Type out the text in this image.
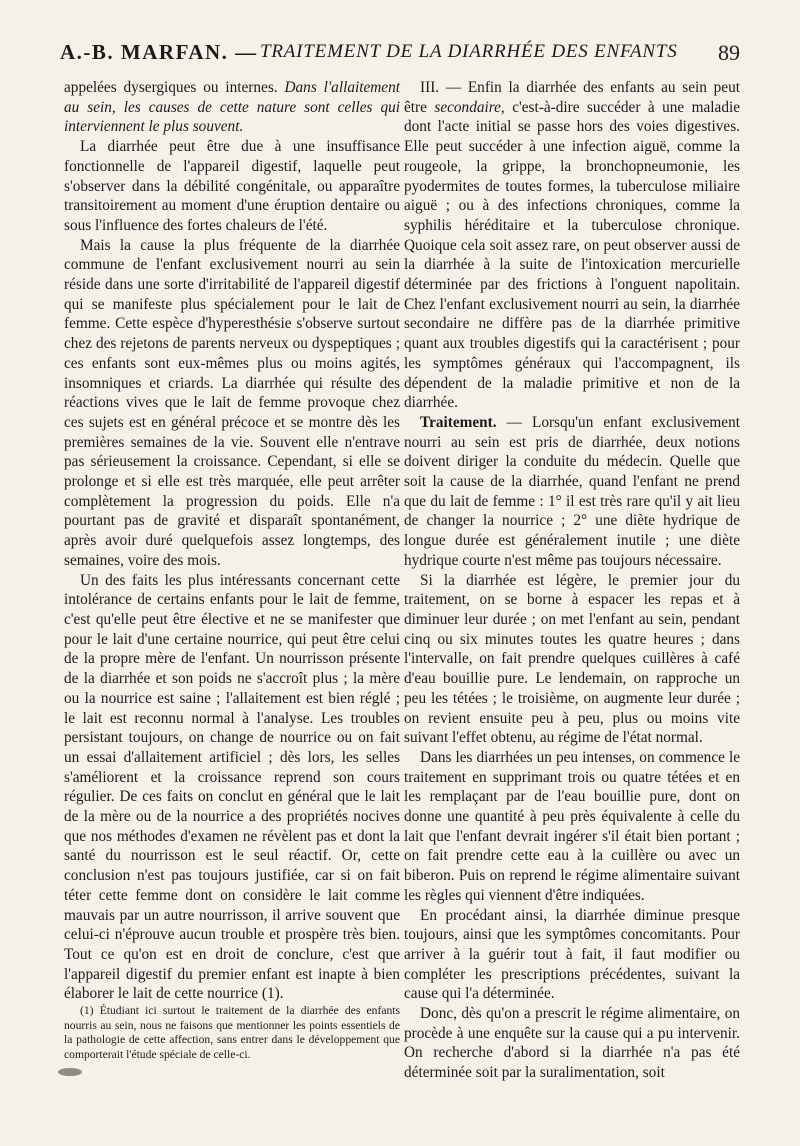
A.-B. MARFAN. — TRAITEMENT DE LA DIARRHÉE DES ENFANTS 89

appelées dysergiques ou internes. Dans l'allaitement au sein, les causes de cette nature sont celles qui interviennent le plus souvent.

La diarrhée peut être due à une insuffisance fonctionnelle de l'appareil digestif, laquelle peut s'observer dans la débilité congénitale, ou apparaître transitoirement au moment d'une éruption dentaire ou sous l'influence des fortes chaleurs de l'été.

Mais la cause la plus fréquente de la diarrhée commune de l'enfant exclusivement nourri au sein réside dans une sorte d'irritabilité de l'appareil digestif qui se manifeste plus spécialement pour le lait de femme. Cette espèce d'hyperesthésie s'observe surtout chez des rejetons de parents nerveux ou dyspeptiques ; ces enfants sont eux-mêmes plus ou moins agités, insomniques et criards. La diarrhée qui résulte des réactions vives que le lait de femme provoque chez ces sujets est en général précoce et se montre dès les premières semaines de la vie. Souvent elle n'entrave pas sérieusement la croissance. Cependant, si elle se prolonge et si elle est très marquée, elle peut arrêter complètement la progression du poids. Elle n'a pourtant pas de gravité et disparaît spontanément, après avoir duré quelquefois assez longtemps, des semaines, voire des mois.

Un des faits les plus intéressants concernant cette intolérance de certains enfants pour le lait de femme, c'est qu'elle peut être élective et ne se manifester que pour le lait d'une certaine nourrice, qui peut être celui de la propre mère de l'enfant. Un nourrisson présente de la diarrhée et son poids ne s'accroît plus ; la mère ou la nourrice est saine ; l'allaitement est bien réglé ; le lait est reconnu normal à l'analyse. Les troubles persistant toujours, on change de nourrice ou on fait un essai d'allaitement artificiel ; dès lors, les selles s'améliorent et la croissance reprend son cours régulier. De ces faits on conclut en général que le lait de la mère ou de la nourrice a des propriétés nocives que nos méthodes d'examen ne révèlent pas et dont la santé du nourrisson est le seul réactif. Or, cette conclusion n'est pas toujours justifiée, car si on fait téter cette femme dont on considère le lait comme mauvais par un autre nourrisson, il arrive souvent que celui-ci n'éprouve aucun trouble et prospère très bien. Tout ce qu'on est en droit de conclure, c'est que l'appareil digestif du premier enfant est inapte à bien élaborer le lait de cette nourrice (1).

(1) Étudiant ici surtout le traitement de la diarrhée des enfants nourris au sein, nous ne faisons que mentionner les points essentiels de la pathologie de cette affection, sans entrer dans le développement que comporterait l'étude spéciale de celle-ci.

III. — Enfin la diarrhée des enfants au sein peut être secondaire, c'est-à-dire succéder à une maladie dont l'acte initial se passe hors des voies digestives. Elle peut succéder à une infection aiguë, comme la rougeole, la grippe, la bronchopneumonie, les pyodermites de toutes formes, la tuberculose miliaire aiguë ; ou à des infections chroniques, comme la syphilis héréditaire et la tuberculose chronique. Quoique cela soit assez rare, on peut observer aussi de la diarrhée à la suite de l'intoxication mercurielle déterminée par des frictions à l'onguent napolitain. Chez l'enfant exclusivement nourri au sein, la diarrhée secondaire ne diffère pas de la diarrhée primitive quant aux troubles digestifs qui la caractérisent ; pour les symptômes généraux qui l'accompagnent, ils dépendent de la maladie primitive et non de la diarrhée.

Traitement. — Lorsqu'un enfant exclusivement nourri au sein est pris de diarrhée, deux notions doivent diriger la conduite du médecin. Quelle que soit la cause de la diarrhée, quand l'enfant ne prend que du lait de femme : 1° il est très rare qu'il y ait lieu de changer la nourrice ; 2° une diète hydrique de longue durée est généralement inutile ; une diète hydrique courte n'est même pas toujours nécessaire.

Si la diarrhée est légère, le premier jour du traitement, on se borne à espacer les repas et à diminuer leur durée ; on met l'enfant au sein, pendant cinq ou six minutes toutes les quatre heures ; dans l'intervalle, on fait prendre quelques cuillères à café d'eau bouillie pure. Le lendemain, on rapproche un peu les tétées ; le troisième, on augmente leur durée ; on revient ensuite peu à peu, plus ou moins vite suivant l'effet obtenu, au régime de l'état normal.

Dans les diarrhées un peu intenses, on commence le traitement en supprimant trois ou quatre tétées et en les remplaçant par de l'eau bouillie pure, dont on donne une quantité à peu près équivalente à celle du lait que l'enfant devrait ingérer s'il était bien portant ; on fait prendre cette eau à la cuillère ou avec un biberon. Puis on reprend le régime alimentaire suivant les règles qui viennent d'être indiquées.

En procédant ainsi, la diarrhée diminue presque toujours, ainsi que les symptômes concomitants. Pour arriver à la guérir tout à fait, il faut modifier ou compléter les prescriptions précédentes, suivant la cause qui l'a déterminée.

Donc, dès qu'on a prescrit le régime alimentaire, on procède à une enquête sur la cause qui a pu intervenir. On recherche d'abord si la diarrhée n'a pas été déterminée soit par la suralimentation, soit
